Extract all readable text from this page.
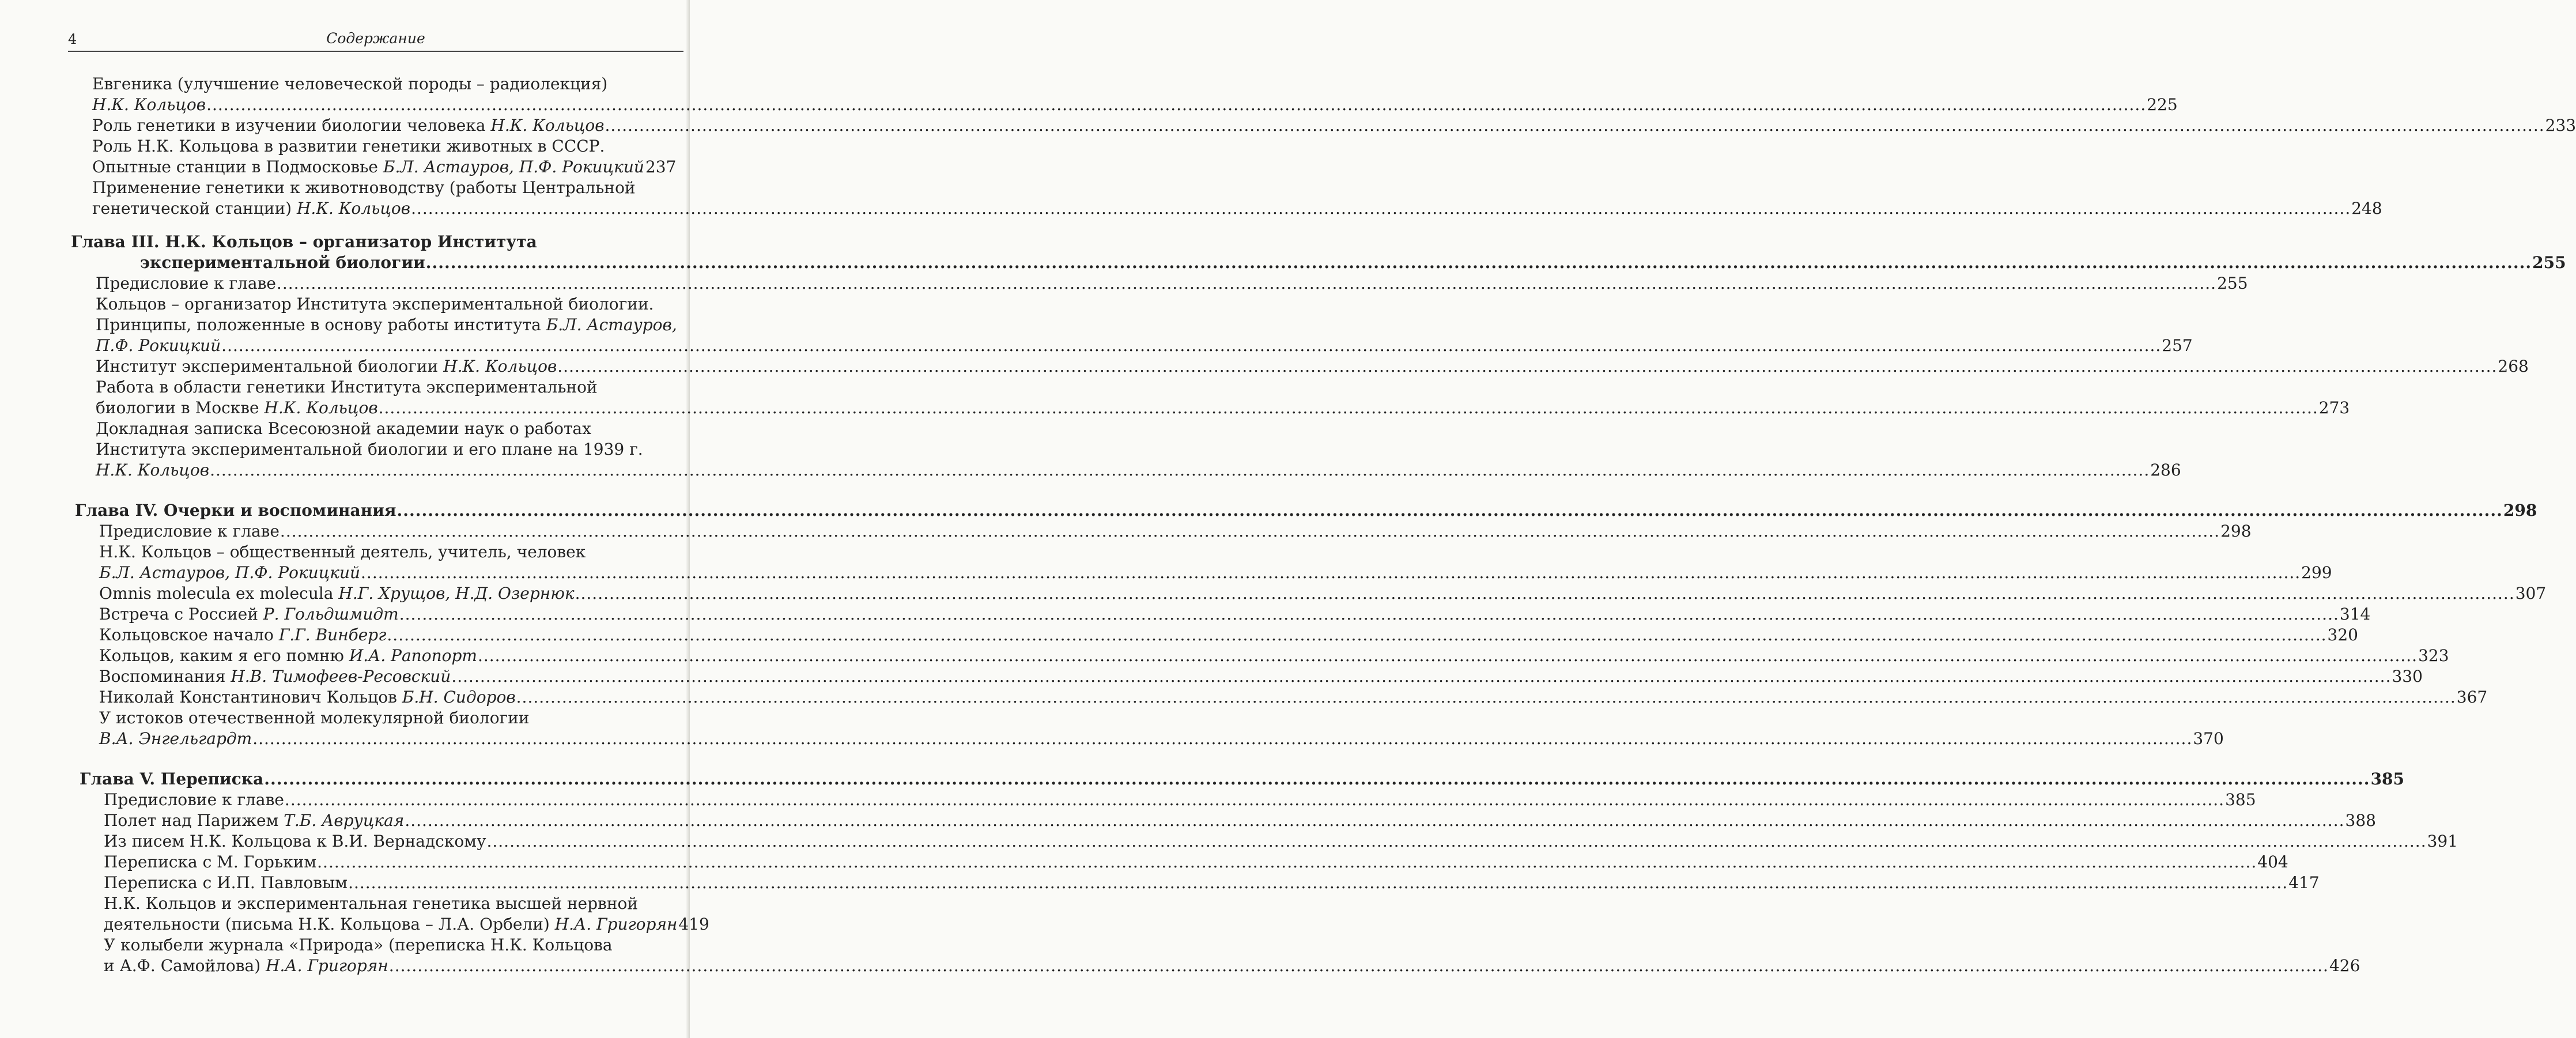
4	Содержание
Евгеника (улучшение человеческой породы – радиолекция)
Н.К. Кольцов .....	225
Роль генетики в изучении биологии человека Н.К. Кольцов .....	233
Роль Н.К. Кольцова в развитии генетики животных в СССР.
Опытные станции в Подмосковье Б.Л. Астауров, П.Ф. Рокицкий 237
Применение генетики к животноводству (работы Центральной
генетической станции) Н.К. Кольцов .....	248
Глава III. Н.К. Кольцов – организатор Института
экспериментальной биологии .....	255
Предисловие к главе .....	255
Кольцов – организатор Института экспериментальной биологии.
Принципы, положенные в основу работы института Б.Л. Астауров,
П.Ф. Рокицкий .....	257
Институт экспериментальной биологии Н.К. Кольцов .....	268
Работа в области генетики Института экспериментальной
биологии в Москве Н.К. Кольцов .....	273
Докладная записка Всесоюзной академии наук о работах
Института экспериментальной биологии и его плане на 1939 г.
Н.К. Кольцов .....	286
Глава IV. Очерки и воспоминания .....	298
Предисловие к главе .....	298
Н.К. Кольцов – общественный деятель, учитель, человек
Б.Л. Астауров, П.Ф. Рокицкий .....	299
Omnis molecula ex molecula Н.Г. Хрущов, Н.Д. Озернюк .....	307
Встреча с Россией Р. Гольдшмидт .....	314
Кольцовское начало Г.Г. Винберг .....	320
Кольцов, каким я его помню И.А. Рапопорт .....	323
Воспоминания Н.В. Тимофеев-Ресовский .....	330
Николай Константинович Кольцов Б.Н. Сидоров .....	367
У истоков отечественной молекулярной биологии
В.А. Энгельгардт .....	370
Глава V. Переписка .....	385
Предисловие к главе .....	385
Полет над Парижем Т.Б. Авруцкая .....	388
Из писем Н.К. Кольцова к В.И. Вернадскому .....	391
Переписка с М. Горьким .....	404
Переписка с И.П. Павловым .....	417
Н.К. Кольцов и экспериментальная генетика высшей нервной
деятельности (письма Н.К. Кольцова – Л.А. Орбели) Н.А. Григорян 419
У колыбели журнала «Природа» (переписка Н.К. Кольцова
и А.Ф. Самойлова) Н.А. Григорян .....	426
